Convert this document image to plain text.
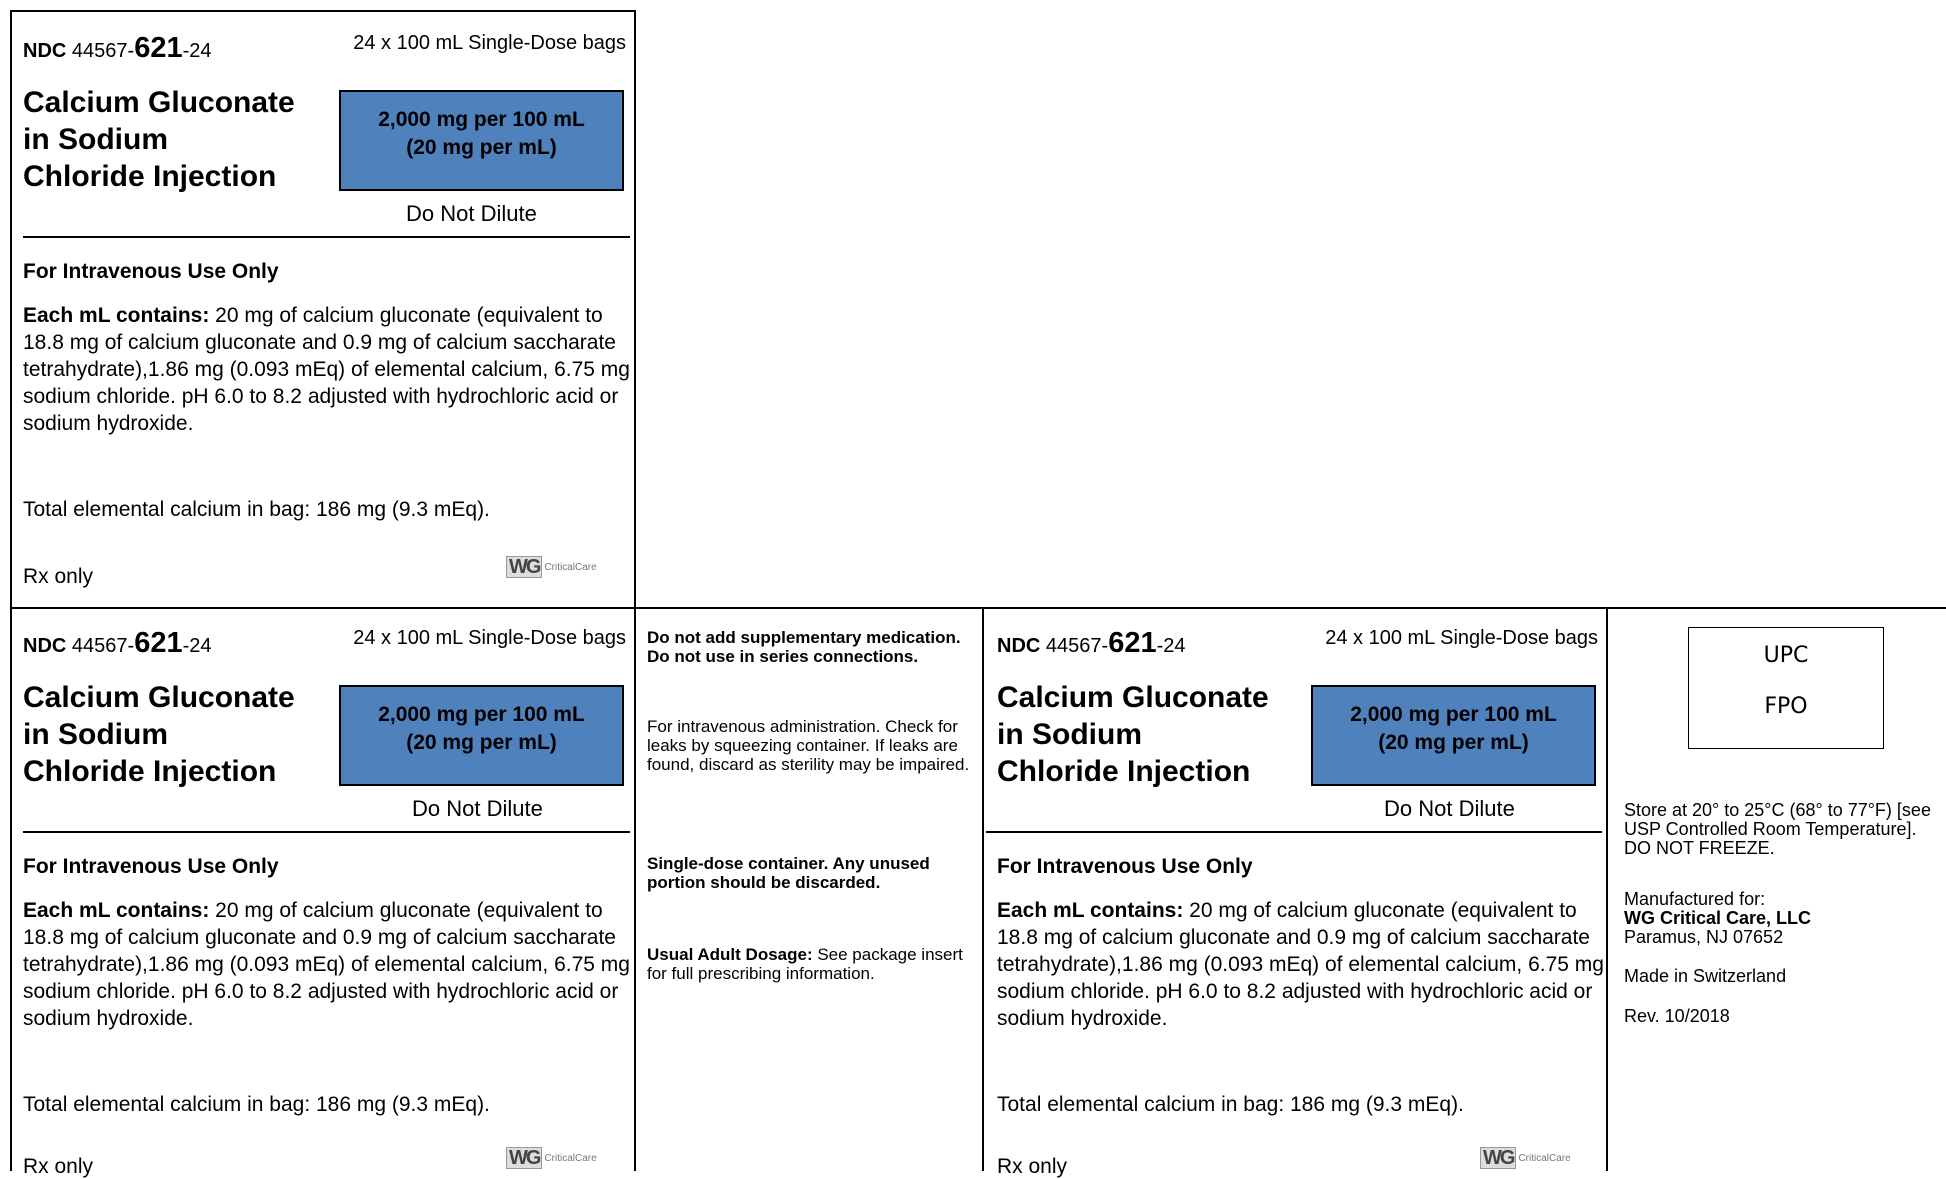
NDC 44567-621-24	24 x 100 mL Single-Dose bags
Calcium Gluconate
in Sodium
Chloride Injection
2,000 mg per 100 mL
(20 mg per mL)
Do Not Dilute
For Intravenous Use Only
Each mL contains: 20 mg of calcium gluconate (equivalent to 18.8 mg of calcium gluconate and 0.9 mg of calcium saccharate tetrahydrate),1.86 mg (0.093 mEq) of elemental calcium, 6.75 mg sodium chloride. pH 6.0 to 8.2 adjusted with hydrochloric acid or sodium hydroxide.
Total elemental calcium in bag: 186 mg (9.3 mEq).
Rx only	WG CriticalCare
NDC 44567-621-24	24 x 100 mL Single-Dose bags
Calcium Gluconate
in Sodium
Chloride Injection
2,000 mg per 100 mL
(20 mg per mL)
Do Not Dilute
For Intravenous Use Only
Each mL contains: 20 mg of calcium gluconate (equivalent to 18.8 mg of calcium gluconate and 0.9 mg of calcium saccharate tetrahydrate),1.86 mg (0.093 mEq) of elemental calcium, 6.75 mg sodium chloride. pH 6.0 to 8.2 adjusted with hydrochloric acid or sodium hydroxide.
Total elemental calcium in bag: 186 mg (9.3 mEq).
Rx only	WG CriticalCare
Do not add supplementary medication. Do not use in series connections.
For intravenous administration. Check for leaks by squeezing container. If leaks are found, discard as sterility may be impaired.
Single-dose container. Any unused portion should be discarded.
Usual Adult Dosage: See package insert for full prescribing information.
NDC 44567-621-24	24 x 100 mL Single-Dose bags
Calcium Gluconate
in Sodium
Chloride Injection
2,000 mg per 100 mL
(20 mg per mL)
Do Not Dilute
For Intravenous Use Only
Each mL contains: 20 mg of calcium gluconate (equivalent to 18.8 mg of calcium gluconate and 0.9 mg of calcium saccharate tetrahydrate),1.86 mg (0.093 mEq) of elemental calcium, 6.75 mg sodium chloride. pH 6.0 to 8.2 adjusted with hydrochloric acid or sodium hydroxide.
Total elemental calcium in bag: 186 mg (9.3 mEq).
Rx only	WG CriticalCare
UPC
FPO
Store at 20° to 25°C (68° to 77°F) [see USP Controlled Room Temperature]. DO NOT FREEZE.
Manufactured for:
WG Critical Care, LLC
Paramus, NJ 07652
Made in Switzerland
Rev. 10/2018
